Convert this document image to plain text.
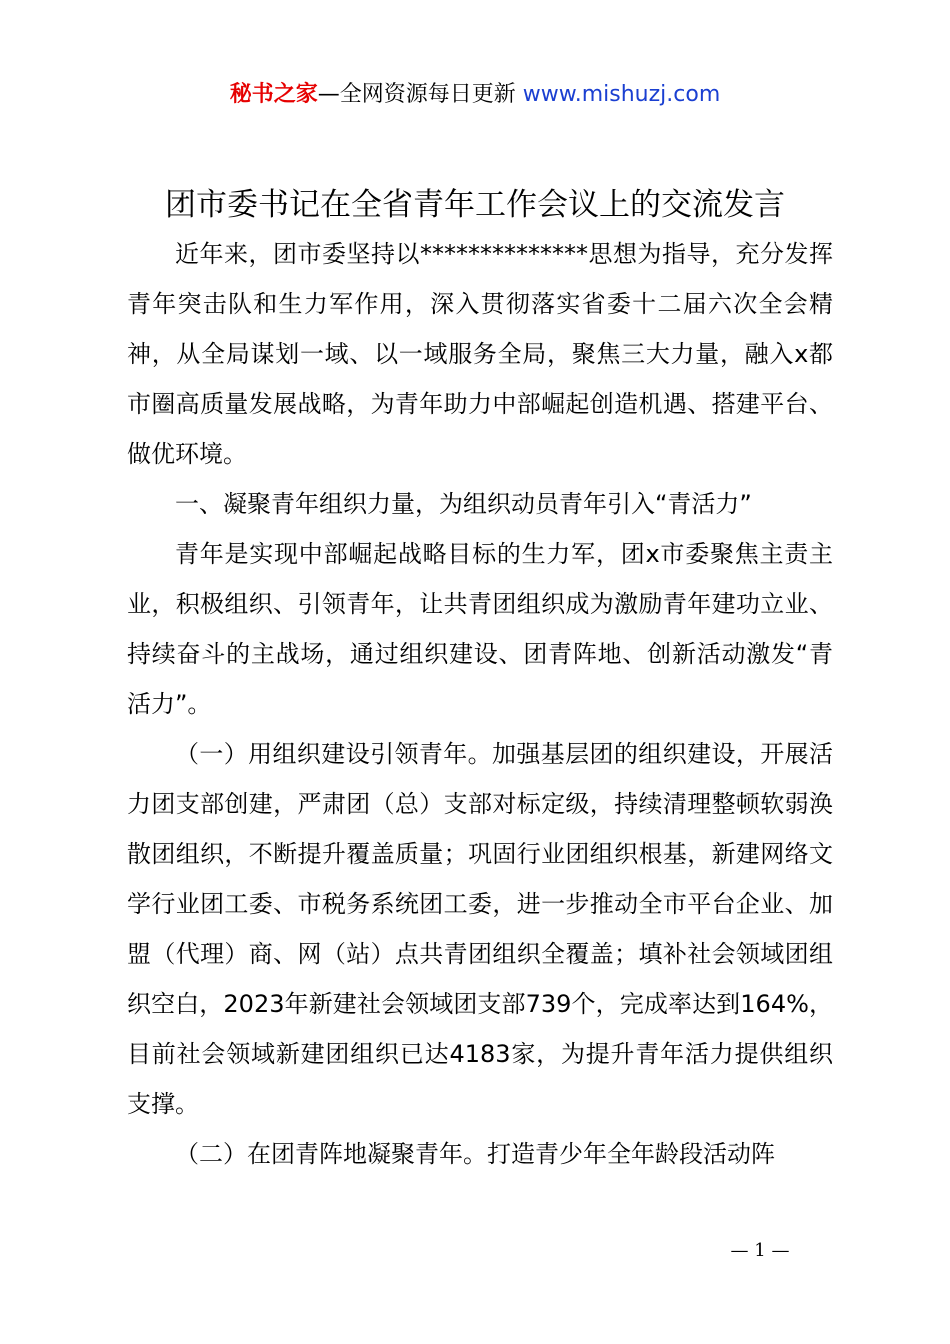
秘书之家—全网资源每日更新 www.mishuzj.com
团市委书记在全省青年工作会议上的交流发言

近年来，团市委坚持以**************思想为指导，充分发挥青年突击队和生力军作用，深入贯彻落实省委十二届六次全会精神，从全局谋划一域、以一域服务全局，聚焦三大力量，融入x都市圈高质量发展战略，为青年助力中部崛起创造机遇、搭建平台、做优环境。

一、凝聚青年组织力量，为组织动员青年引入“青活力”

青年是实现中部崛起战略目标的生力军，团x市委聚焦主责主业，积极组织、引领青年，让共青团组织成为激励青年建功立业、持续奋斗的主战场，通过组织建设、团青阵地、创新活动激发“青活力”。

（一）用组织建设引领青年。加强基层团的组织建设，开展活力团支部创建，严肃团（总）支部对标定级，持续清理整顿软弱涣散团组织，不断提升覆盖质量；巩固行业团组织根基，新建网络文学行业团工委、市税务系统团工委，进一步推动全市平台企业、加盟（代理）商、网（站）点共青团组织全覆盖；填补社会领域团组织空白，2023年新建社会领域团支部739个，完成率达到164%，目前社会领域新建团组织已达4183家，为提升青年活力提供组织支撑。

（二）在团青阵地凝聚青年。打造青少年全年龄段活动阵

— 1 —
